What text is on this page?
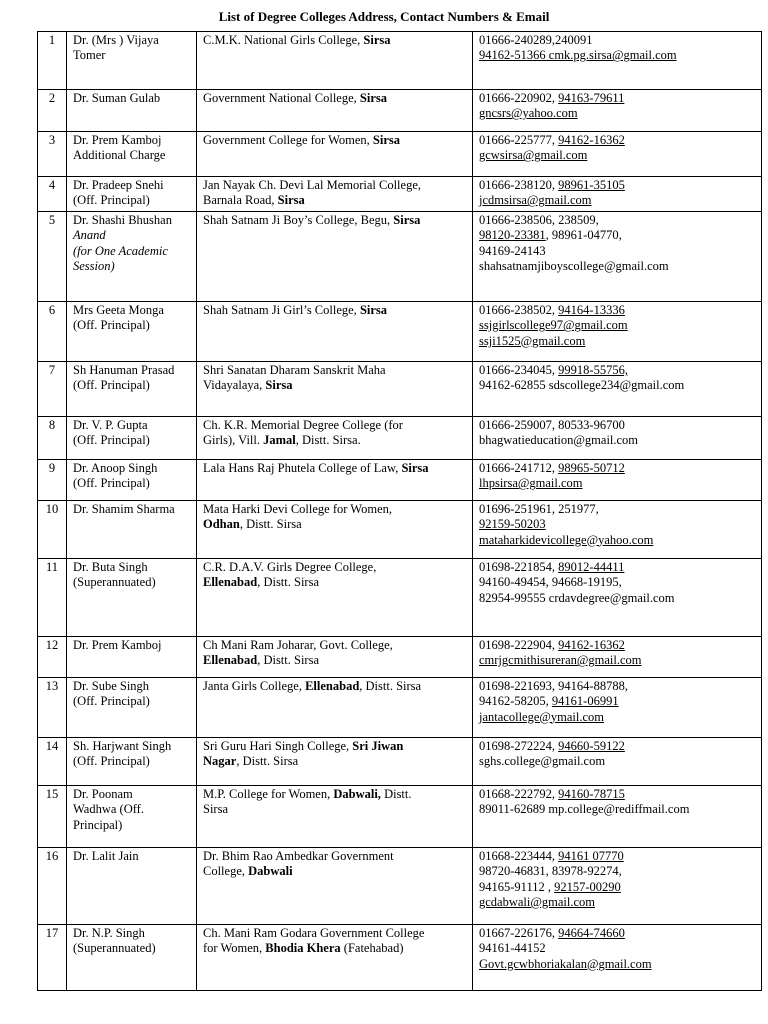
List of Degree Colleges Address, Contact Numbers & Email
1	Dr. (Mrs ) Vijaya
Tomer	C.M.K. National Girls College, Sirsa	01666-240289,240091
94162-51366 cmk.pg.sirsa@gmail.com

2	Dr. Suman Gulab	Government National College, Sirsa	01666-220902, 94163-79611
gncsrs@yahoo.com

3	Dr. Prem Kamboj
Additional Charge	Government College for Women, Sirsa	01666-225777, 94162-16362
gcwsirsa@gmail.com

4	Dr. Pradeep Snehi
(Off. Principal)	Jan Nayak Ch. Devi Lal Memorial College,
Barnala Road, Sirsa	01666-238120, 98961-35105
jcdmsirsa@gmail.com

5	Dr. Shashi Bhushan
Anand
(for One Academic
Session)	Shah Satnam Ji Boy’s College, Begu, Sirsa	01666-238506, 238509,
98120-23381, 98961-04770,
94169-24143
shahsatnamjiboyscollege@gmail.com

6	Mrs Geeta Monga
(Off. Principal)	Shah Satnam Ji Girl’s College, Sirsa	01666-238502, 94164-13336
ssjgirlscollege97@gmail.com
ssji1525@gmail.com

7	Sh Hanuman Prasad
(Off. Principal)	Shri Sanatan Dharam Sanskrit Maha
Vidayalaya, Sirsa	01666-234045, 99918-55756,
94162-62855 sdscollege234@gmail.com

8	Dr. V. P. Gupta
(Off. Principal)	Ch. K.R. Memorial Degree College (for
Girls), Vill. Jamal, Distt. Sirsa.	01666-259007, 80533-96700
bhagwatieducation@gmail.com

9	Dr. Anoop Singh
(Off. Principal)	Lala Hans Raj Phutela College of Law, Sirsa	01666-241712, 98965-50712
lhpsirsa@gmail.com

10	Dr. Shamim Sharma	Mata Harki Devi College for Women,
Odhan, Distt. Sirsa	01696-251961, 251977,
92159-50203
mataharkidevicollege@yahoo.com

11	Dr. Buta Singh
(Superannuated)	C.R. D.A.V. Girls Degree College,
Ellenabad, Distt. Sirsa	01698-221854, 89012-44411
94160-49454, 94668-19195,
82954-99555 crdavdegree@gmail.com

12	Dr. Prem Kamboj	Ch Mani Ram Joharar, Govt. College,
Ellenabad, Distt. Sirsa	01698-222904, 94162-16362
cmrjgcmithisureran@gmail.com

13	Dr. Sube Singh
(Off. Principal)	Janta Girls College, Ellenabad, Distt. Sirsa	01698-221693, 94164-88788,
94162-58205, 94161-06991
jantacollege@ymail.com

14	Sh. Harjwant Singh
(Off. Principal)	Sri Guru Hari Singh College, Sri Jiwan
Nagar, Distt. Sirsa	01698-272224, 94660-59122
sghs.college@gmail.com

15	Dr. Poonam
Wadhwa (Off.
Principal)	M.P. College for Women, Dabwali, Distt.
Sirsa	01668-222792, 94160-78715
89011-62689 mp.college@rediffmail.com

16	Dr. Lalit Jain	Dr. Bhim Rao Ambedkar Government
College, Dabwali	01668-223444, 94161 07770
98720-46831, 83978-92274,
94165-91112 , 92157-00290
gcdabwali@gmail.com

17	Dr. N.P. Singh
(Superannuated)	Ch. Mani Ram Godara Government College
for Women, Bhodia Khera (Fatehabad)	01667-226176, 94664-74660
94161-44152
Govt.gcwbhoriakalan@gmail.com
